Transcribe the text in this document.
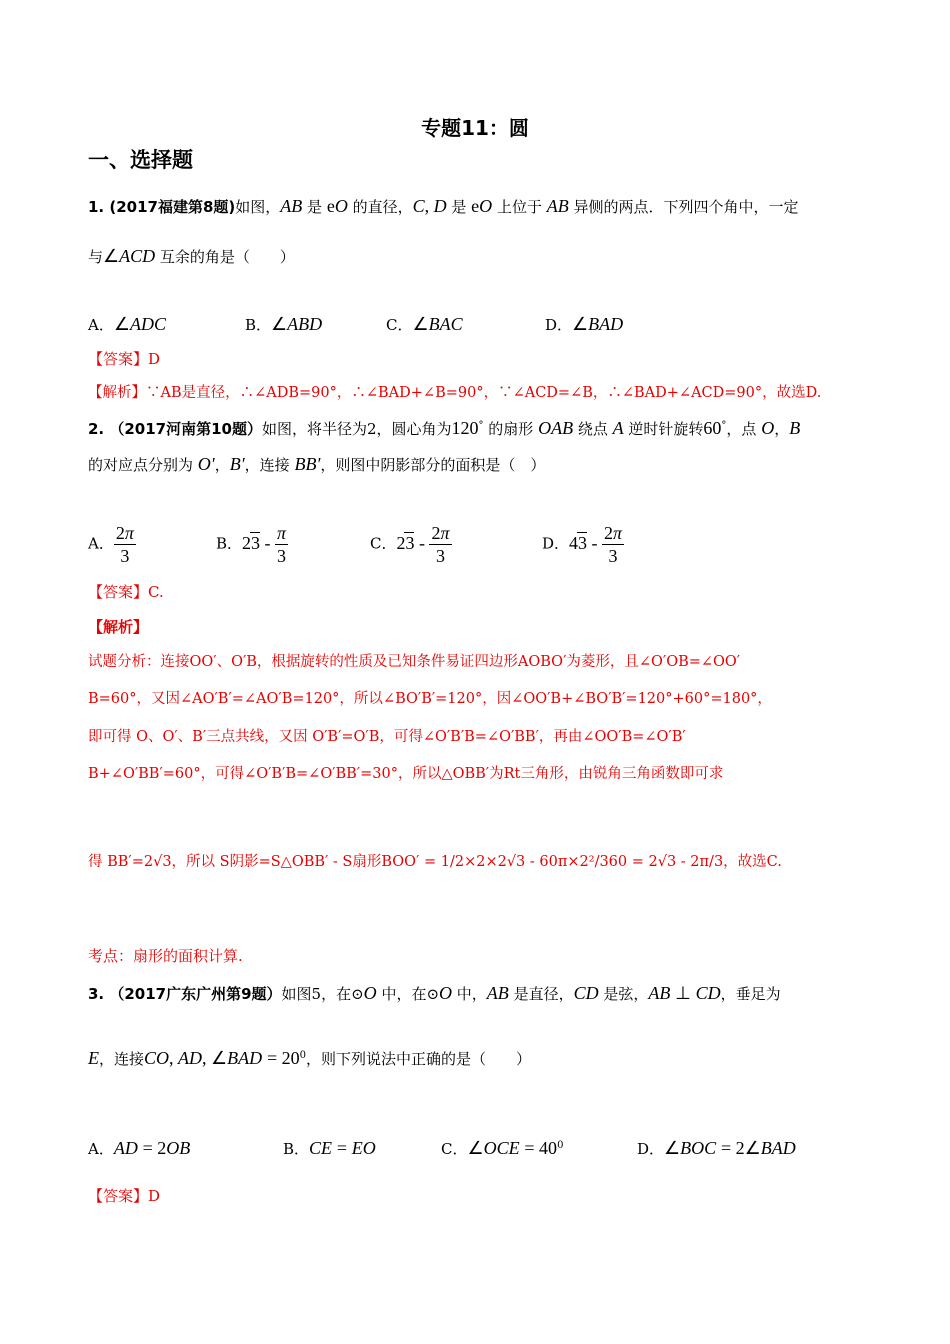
专题11：圆
一、选择题
1. (2017福建第8题)如图，AB 是 eO 的直径，C, D 是 eO 上位于 AB 异侧的两点．下列四个角中，一定
与∠ACD 互余的角是（　　）
A．∠ADC	B．∠ABD	C．∠BAC	D．∠BAD
【答案】D
【解析】∵AB是直径，∴∠ADB=90°，∴∠BAD+∠B=90°，∵∠ACD=∠B，∴∠BAD+∠ACD=90°，故选D.
2. （2017河南第10题）如图，将半径为2，圆心角为120° 的扇形 OAB 绕点 A 逆时针旋转60°，点 O，B
的对应点分别为 O′，B′，连接 BB′，则图中阴影部分的面积是（　）
A． $\frac{2\pi}{3}$	B．$23 - \frac{\pi}{3}$	C．$23 - \frac{2\pi}{3}$	D．$43 - \frac{2\pi}{3}$
【答案】C.
【解析】
试题分析：连接OO′、O′B，根据旋转的性质及已知条件易证四边形AOBO′为菱形，且∠O′OB=∠OO′
B=60°，又因∠AO′B′=∠AO′B=120°，所以∠BO′B′=120°，因∠OO′B+∠BO′B′=120°+60°=180°，
即可得 O、O′、B′三点共线，又因 O′B′=O′B，可得∠O′B′B=∠O′BB′，再由∠OO′B=∠O′B′
B+∠O′BB′=60°，可得∠O′B′B=∠O′BB′=30°，所以△OBB′为Rt三角形，由锐角三角函数即可求
得 BB′=2√3，所以 S阴影=S△OBB′ - S扇形BOO′ = 1/2×2×2√3 - 60π×2²/360 = 2√3 - 2π/3，故选C.
考点：扇形的面积计算.
3. （2017广东广州第9题）如图5，在⊙O 中，在⊙O 中，AB 是直径，CD 是弦，AB ⊥ CD，垂足为
E，连接CO, AD, ∠BAD = $20^0$，则下列说法中正确的是（　　）
A．AD = 2OB	B．CE = EO	C．∠OCE = $40^0$	D．∠BOC = 2∠BAD
【答案】D
